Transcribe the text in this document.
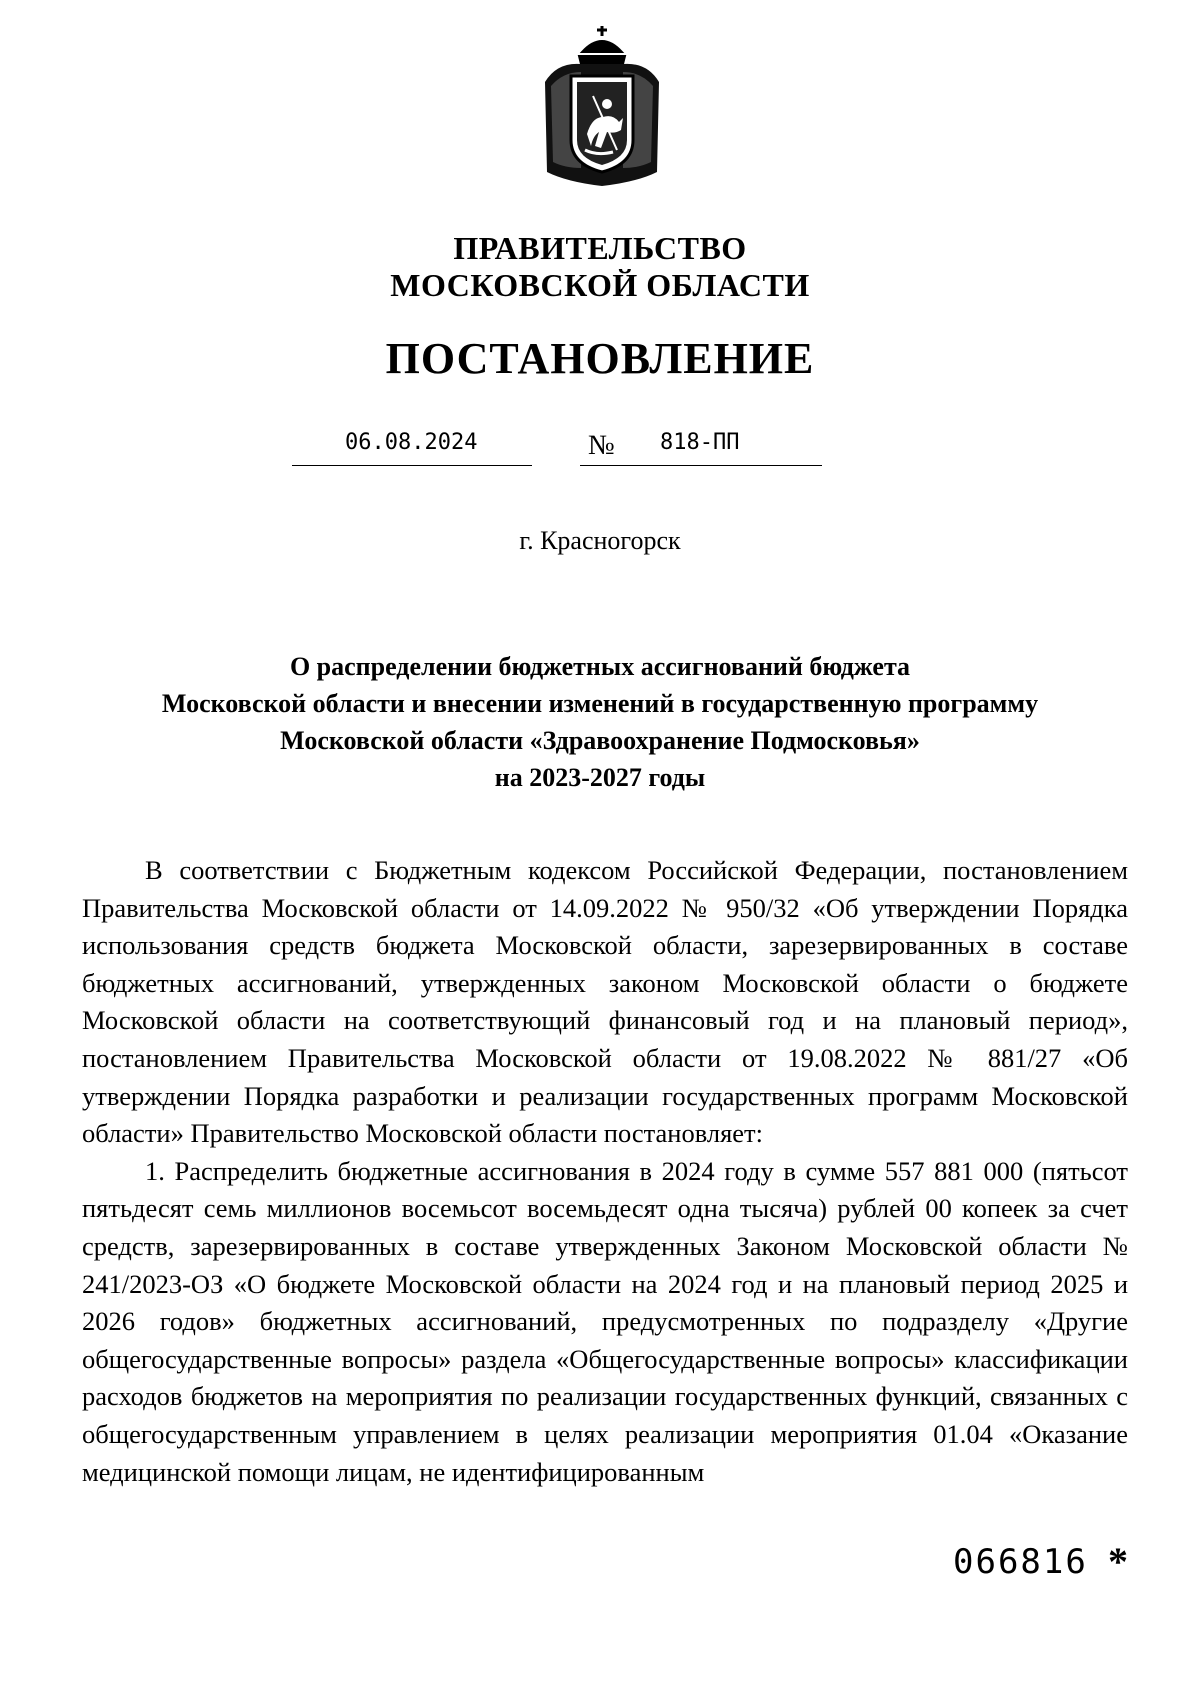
ПРАВИТЕЛЬСТВО
МОСКОВСКОЙ ОБЛАСТИ
ПОСТАНОВЛЕНИЕ
06.08.2024	№ 818-ПП
г. Красногорск
О распределении бюджетных ассигнований бюджета
Московской области и внесении изменений в государственную программу
Московской области «Здравоохранение Подмосковья»
на 2023-2027 годы

В соответствии с Бюджетным кодексом Российской Федерации, постановлением Правительства Московской области от 14.09.2022 № 950/32 «Об утверждении Порядка использования средств бюджета Московской области, зарезервированных в составе бюджетных ассигнований, утвержденных законом Московской области о бюджете Московской области на соответствующий финансовый год и на плановый период», постановлением Правительства Московской области от 19.08.2022 № 881/27 «Об утверждении Порядка разработки и реализации государственных программ Московской области» Правительство Московской области постановляет:

1. Распределить бюджетные ассигнования в 2024 году в сумме 557 881 000 (пятьсот пятьдесят семь миллионов восемьсот восемьдесят одна тысяча) рублей 00 копеек за счет средств, зарезервированных в составе утвержденных Законом Московской области № 241/2023-ОЗ «О бюджете Московской области на 2024 год и на плановый период 2025 и 2026 годов» бюджетных ассигнований, предусмотренных по подразделу «Другие общегосударственные вопросы» раздела «Общегосударственные вопросы» классификации расходов бюджетов на мероприятия по реализации государственных функций, связанных с общегосударственным управлением в целях реализации мероприятия 01.04 «Оказание медицинской помощи лицам, не идентифицированным

066816 *
